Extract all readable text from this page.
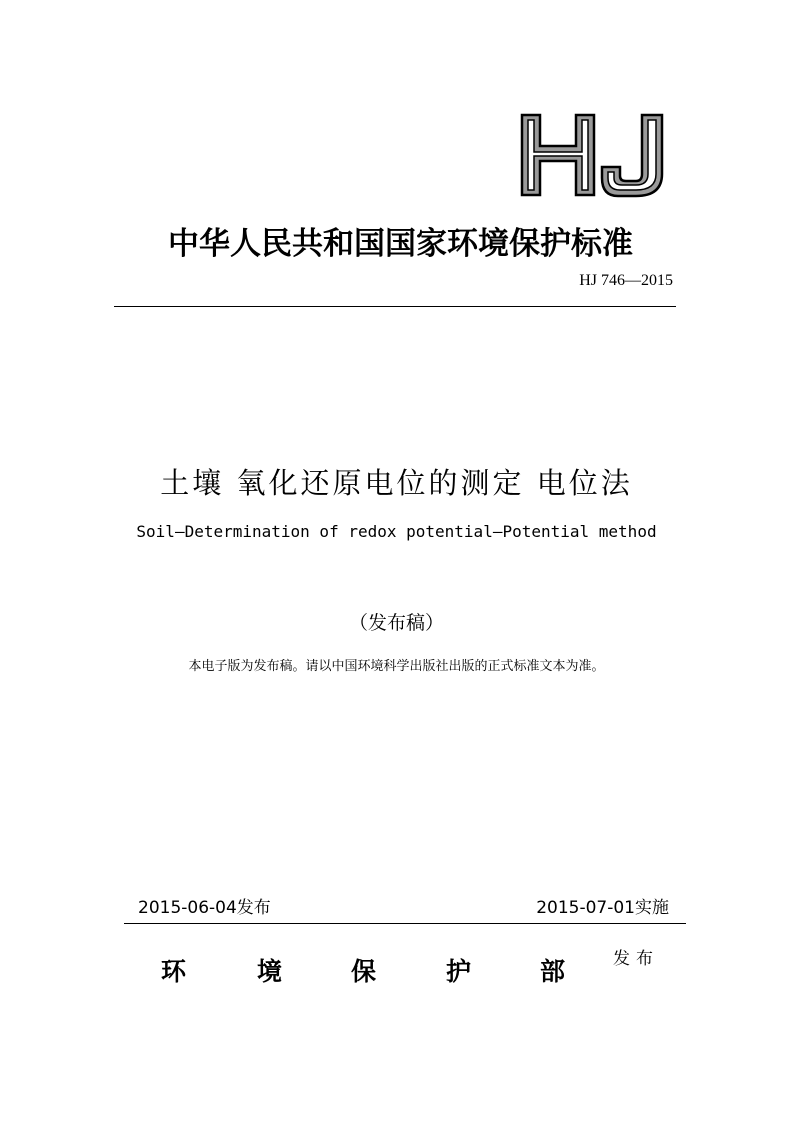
HJ
中华人民共和国国家环境保护标准
HJ 746—2015
土壤 氧化还原电位的测定 电位法
Soil—Determination of redox potential—Potential method
（发布稿）
本电子版为发布稿。请以中国环境科学出版社出版的正式标准文本为准。
2015-06-04发布	2015-07-01实施
环	境	保	护	部	发布
